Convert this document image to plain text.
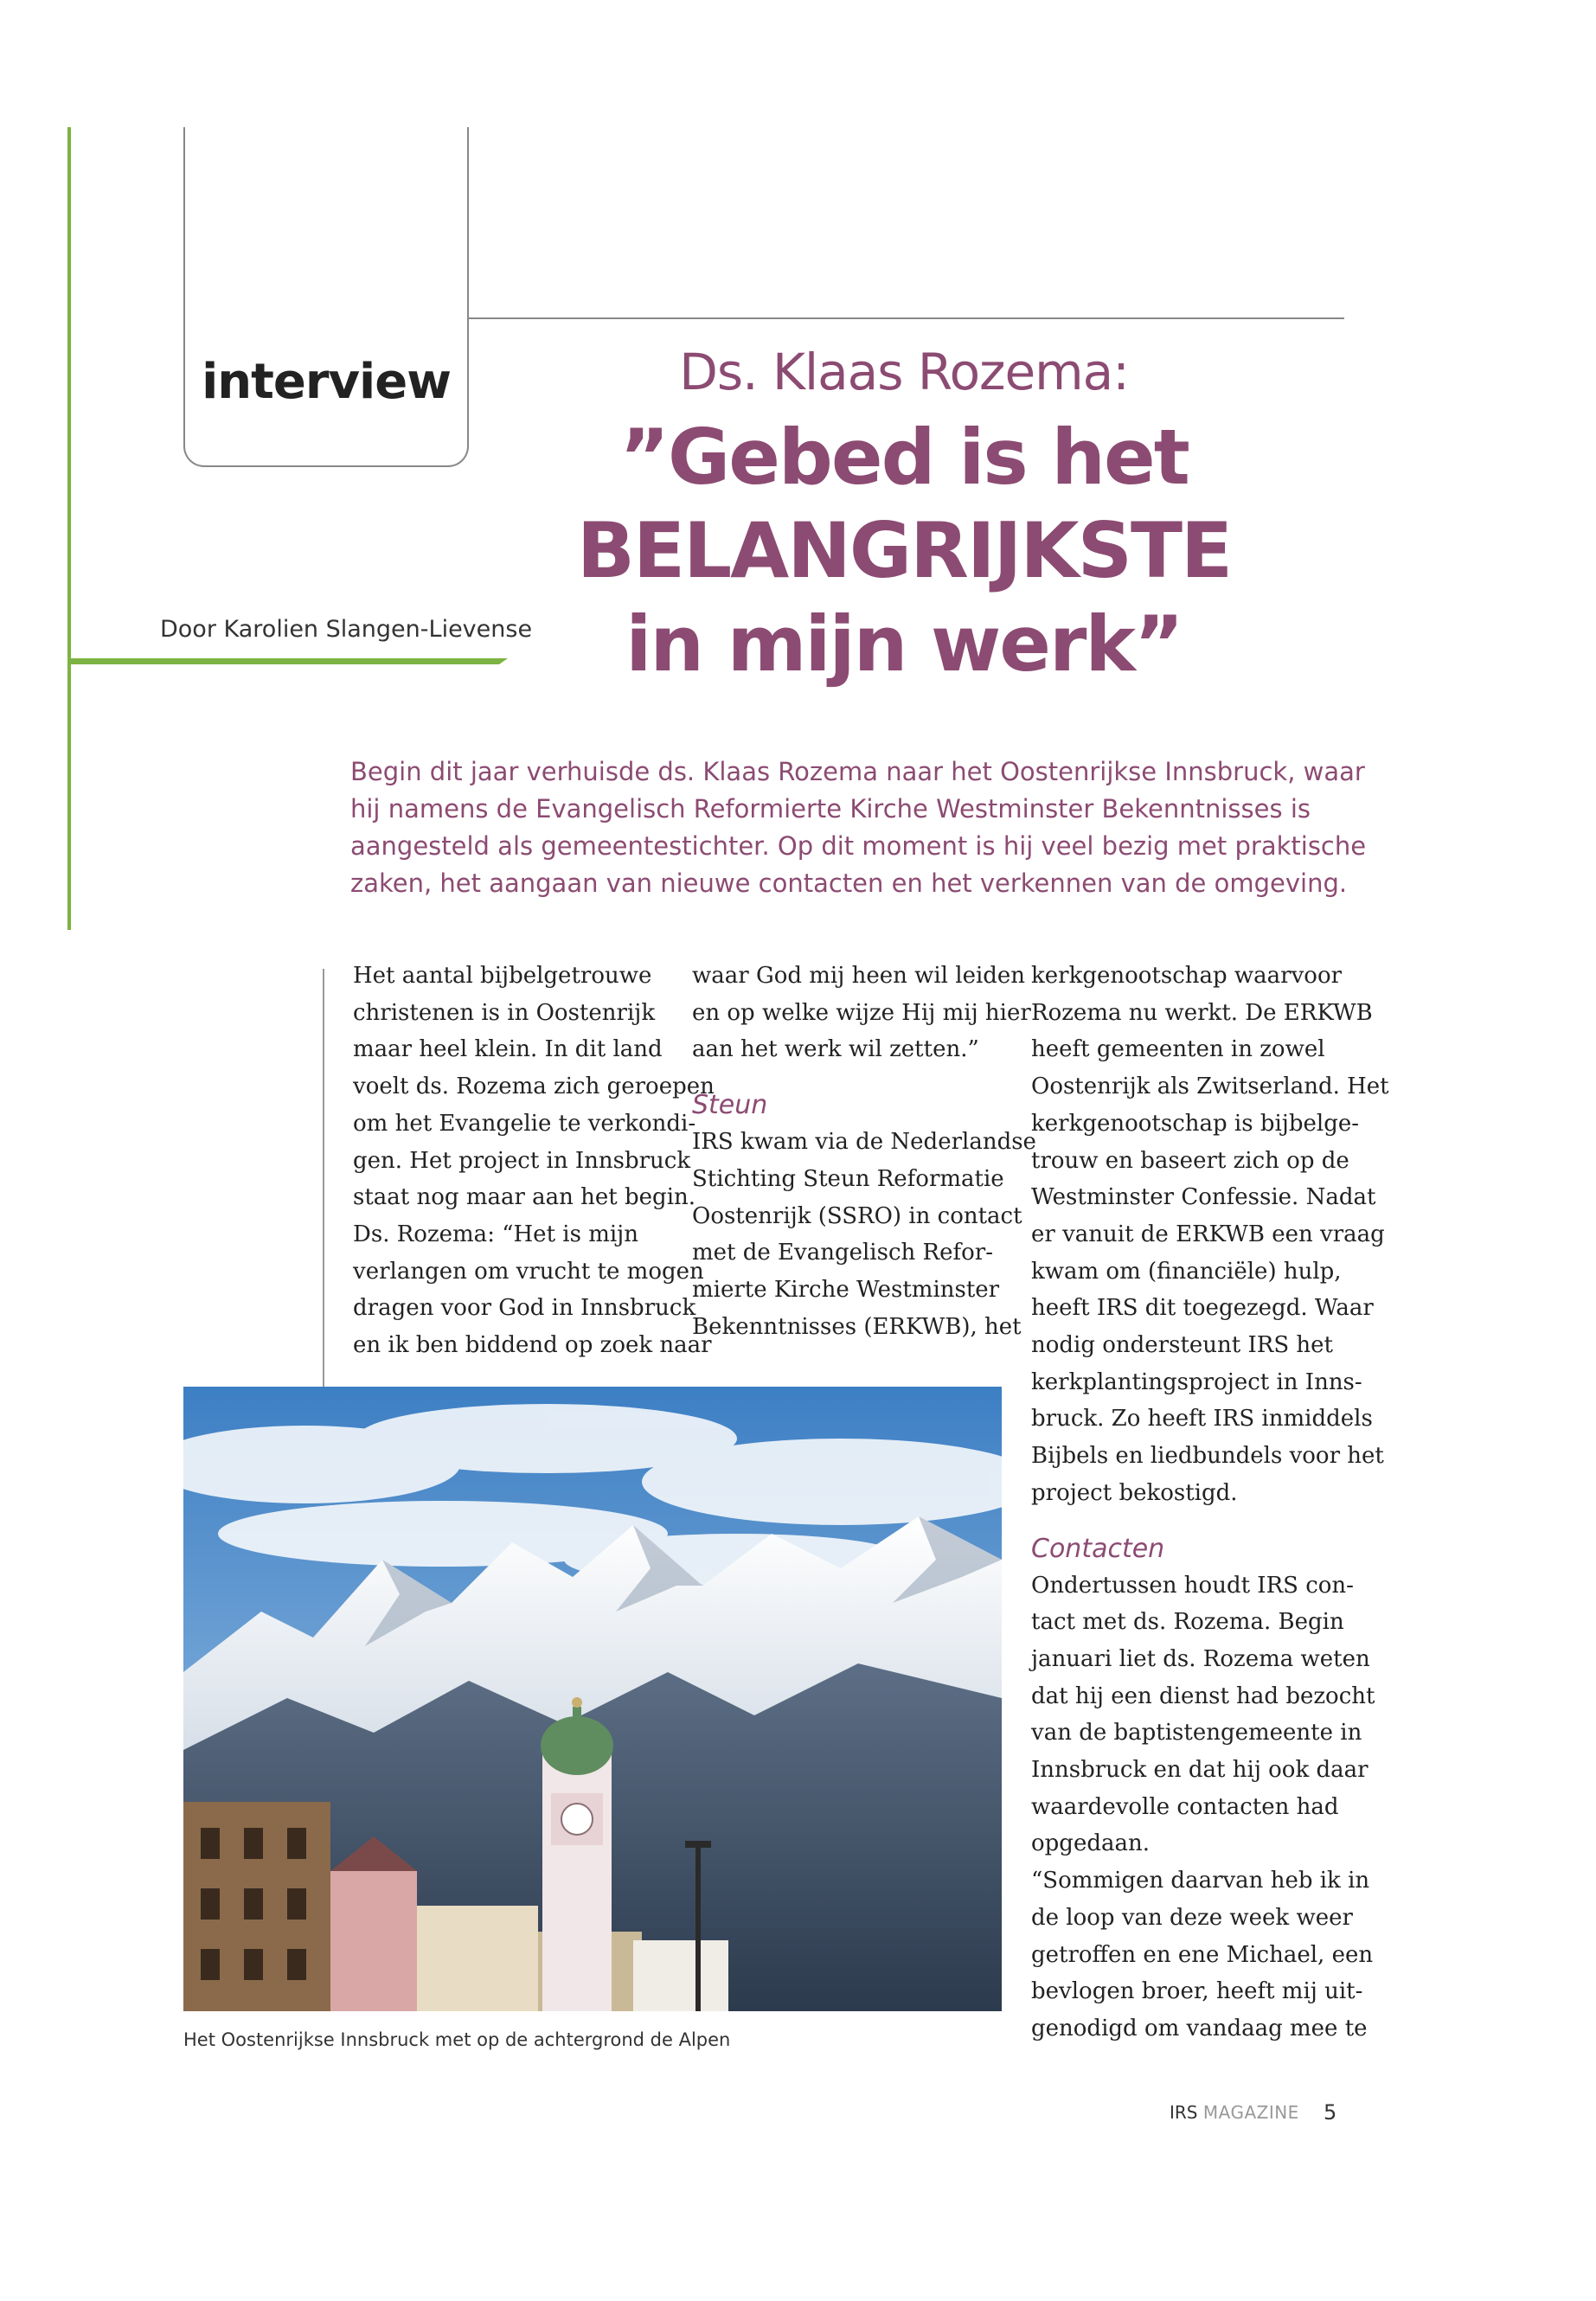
interview
Door Karolien Slangen-Lievense
Ds. Klaas Rozema:
”Gebed is het
BELANGRIJKSTE
in mijn werk”
Begin dit jaar verhuisde ds. Klaas Rozema naar het Oostenrijkse Innsbruck, waar
hij namens de Evangelisch Reformierte Kirche Westminster Bekenntnisses is
aangesteld als gemeentestichter. Op dit moment is hij veel bezig met praktische
zaken, het aangaan van nieuwe contacten en het verkennen van de omgeving.
Het aantal bijbelgetrouwe
christenen is in Oostenrijk
maar heel klein. In dit land
voelt ds. Rozema zich geroepen
om het Evangelie te verkondi-
gen. Het project in Innsbruck
staat nog maar aan het begin.
Ds. Rozema: “Het is mijn
verlangen om vrucht te mogen
dragen voor God in Innsbruck
en ik ben biddend op zoek naar
waar God mij heen wil leiden
en op welke wijze Hij mij hier
aan het werk wil zetten.”
Steun
IRS kwam via de Nederlandse
Stichting Steun Reformatie
Oostenrijk (SSRO) in contact
met de Evangelisch Refor-
mierte Kirche Westminster
Bekenntnisses (ERKWB), het
kerkgenootschap waarvoor
Rozema nu werkt. De ERKWB
heeft gemeenten in zowel
Oostenrijk als Zwitserland. Het
kerkgenootschap is bijbelge-
trouw en baseert zich op de
Westminster Confessie. Nadat
er vanuit de ERKWB een vraag
kwam om (financiële) hulp,
heeft IRS dit toegezegd. Waar
nodig ondersteunt IRS het
kerkplantingsproject in Inns-
bruck. Zo heeft IRS inmiddels
Bijbels en liedbundels voor het
project bekostigd.
Contacten
Ondertussen houdt IRS con-
tact met ds. Rozema. Begin
januari liet ds. Rozema weten
dat hij een dienst had bezocht
van de baptistengemeente in
Innsbruck en dat hij ook daar
waardevolle contacten had
opgedaan.
“Sommigen daarvan heb ik in
de loop van deze week weer
getroffen en ene Michael, een
bevlogen broer, heeft mij uit-
genodigd om vandaag mee te
Het Oostenrijkse Innsbruck met op de achtergrond de Alpen
IRS MAGAZINE 5
